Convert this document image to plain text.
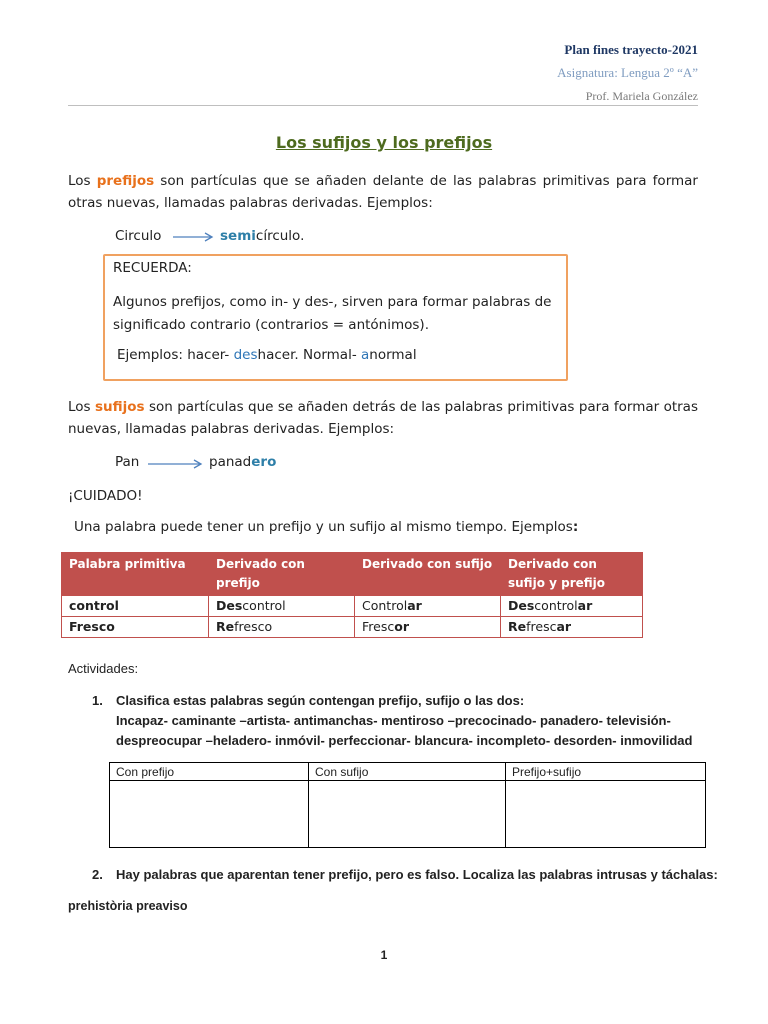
Plan fines trayecto-2021
Asignatura: Lengua 2º “A”
Prof. Mariela González
Los sufijos y los prefijos
Los prefijos son partículas que se añaden delante de las palabras primitivas para formar otras nuevas, llamadas palabras derivadas. Ejemplos:
Circulo	semicírculo.
RECUERDA:
Algunos prefijos, como in- y des-, sirven para formar palabras de significado contrario (contrarios = antónimos).
Ejemplos: hacer- deshacer. Normal- anormal
Los sufijos son partículas que se añaden detrás de las palabras primitivas para formar otras nuevas, llamadas palabras derivadas. Ejemplos:
Pan	panadero
¡CUIDADO!
Una palabra puede tener un prefijo y un sufijo al mismo tiempo. Ejemplos:
Palabra primitiva	Derivado con prefijo	Derivado con sufijo	Derivado con sufijo y prefijo
control	Descontrol	Controlar	Descontrolar
Fresco	Refresco	Frescor	Refrescar
Actividades:
1. Clasifica estas palabras según contengan prefijo, sufijo o las dos:
Incapaz- caminante –artista- antimanchas- mentiroso –precocinado- panadero- televisión-
despreocupar –heladero- inmóvil- perfeccionar- blancura- incompleto- desorden- inmovilidad
Con prefijo	Con sufijo	Prefijo+sufijo

2. Hay palabras que aparentan tener prefijo, pero es falso. Localiza las palabras intrusas y táchalas:
prehistòria preaviso
1
